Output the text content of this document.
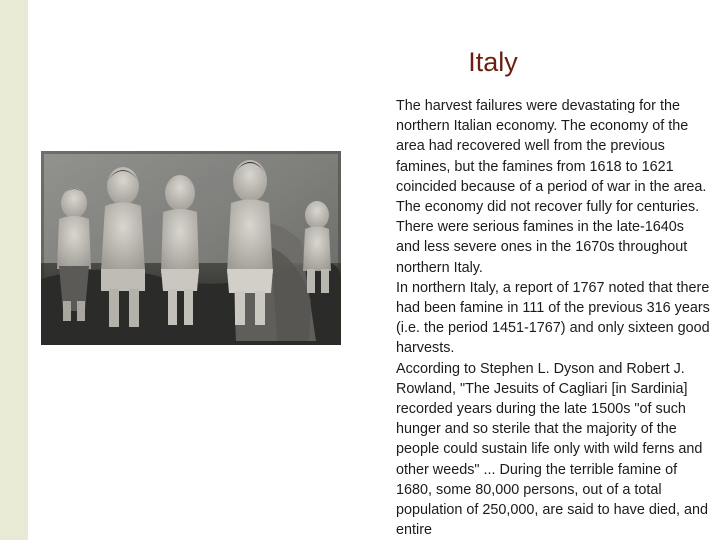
Italy

The harvest failures were devastating for the northern Italian economy. The economy of the area had recovered well from the previous famines, but the famines from 1618 to 1621 coincided because of a period of war in the area. The economy did not recover fully for centuries. There were serious famines in the late-1640s and less severe ones in the 1670s throughout northern Italy.

In northern Italy, a report of 1767 noted that there had been famine in 111 of the previous 316 years (i.e. the period 1451-1767) and only sixteen good harvests.

According to Stephen L. Dyson and Robert J. Rowland, "The Jesuits of Cagliari [in Sardinia] recorded years during the late 1500s "of such hunger and so sterile that the majority of the people could sustain life only with wild ferns and other weeds" ... During the terrible famine of 1680, some 80,000 persons, out of a total population of 250,000, are said to have died, and entire
